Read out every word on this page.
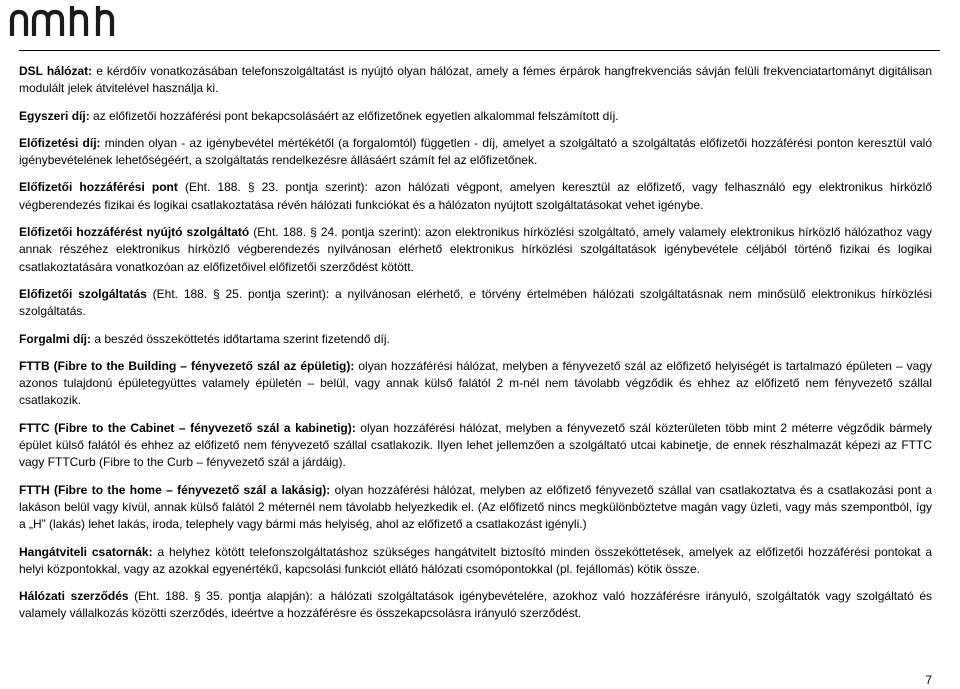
DSL hálózat: e kérdőív vonatkozásában telefonszolgáltatást is nyújtó olyan hálózat, amely a fémes érpárok hangfrekvenciás sávján felüli frekvenciatartományt digitálisan modulált jelek átvitelével használja ki.

Egyszeri díj: az előfizetői hozzáférési pont bekapcsolásáért az előfizetőnek egyetlen alkalommal felszámított díj.

Előfizetési díj: minden olyan - az igénybevétel mértékétől (a forgalomtól) független - díj, amelyet a szolgáltató a szolgáltatás előfizetői hozzáférési ponton keresztül való igénybevételének lehetőségéért, a szolgáltatás rendelkezésre állásáért számít fel az előfizetőnek.

Előfizetői hozzáférési pont (Eht. 188. § 23. pontja szerint): azon hálózati végpont, amelyen keresztül az előfizető, vagy felhasználó egy elektronikus hírközlő végberendezés fizikai és logikai csatlakoztatása révén hálózati funkciókat és a hálózaton nyújtott szolgáltatásokat vehet igénybe.

Előfizetői hozzáférést nyújtó szolgáltató (Eht. 188. § 24. pontja szerint): azon elektronikus hírközlési szolgáltató, amely valamely elektronikus hírközlő hálózathoz vagy annak részéhez elektronikus hírközlő végberendezés nyilvánosan elérhető elektronikus hírközlési szolgáltatások igénybevétele céljából történő fizikai és logikai csatlakoztatására vonatkozóan az előfizetőivel előfizetői szerződést kötött.

Előfizetői szolgáltatás (Eht. 188. § 25. pontja szerint): a nyilvánosan elérhető, e törvény értelmében hálózati szolgáltatásnak nem minősülő elektronikus hírközlési szolgáltatás.

Forgalmi díj: a beszéd összeköttetés időtartama szerint fizetendő díj.

FTTB (Fibre to the Building – fényvezető szál az épületig): olyan hozzáférési hálózat, melyben a fényvezető szál az előfizető helyiségét is tartalmazó épületen – vagy azonos tulajdonú épületegyüttes valamely épületén – belül, vagy annak külső falától 2 m-nél nem távolabb végződik és ehhez az előfizető nem fényvezető szállal csatlakozik.

FTTC (Fibre to the Cabinet – fényvezető szál a kabinetig): olyan hozzáférési hálózat, melyben a fényvezető szál közterületen több mint 2 méterre végződik bármely épület külső falától és ehhez az előfizető nem fényvezető szállal csatlakozik. Ilyen lehet jellemzően a szolgáltató utcai kabinetje, de ennek részhalmazát képezi az FTTC vagy FTTCurb (Fibre to the Curb – fényvezető szál a járdáig).

FTTH (Fibre to the home – fényvezető szál a lakásig): olyan hozzáférési hálózat, melyben az előfizető fényvezető szállal van csatlakoztatva és a csatlakozási pont a lakáson belül vagy kívül, annak külső falától 2 méternél nem távolabb helyezkedik el. (Az előfizető nincs megkülönböztetve magán vagy üzleti, vagy más szempontból, így a „H” (lakás) lehet lakás, iroda, telephely vagy bármi más helyiség, ahol az előfizető a csatlakozást igényli.)

Hangátviteli csatornák: a helyhez kötött telefonszolgáltatáshoz szükséges hangátvitelt biztosító minden összeköttetések, amelyek az előfizetői hozzáférési pontokat a helyi központokkal, vagy az azokkal egyenértékű, kapcsolási funkciót ellátó hálózati csomópontokkal (pl. fejállomás) kötik össze.

Hálózati szerződés (Eht. 188. § 35. pontja alapján): a hálózati szolgáltatások igénybevételére, azokhoz való hozzáférésre irányuló, szolgáltatók vagy szolgáltató és valamely vállalkozás közötti szerződés, ideértve a hozzáférésre és összekapcsolásra irányuló szerződést.

7
